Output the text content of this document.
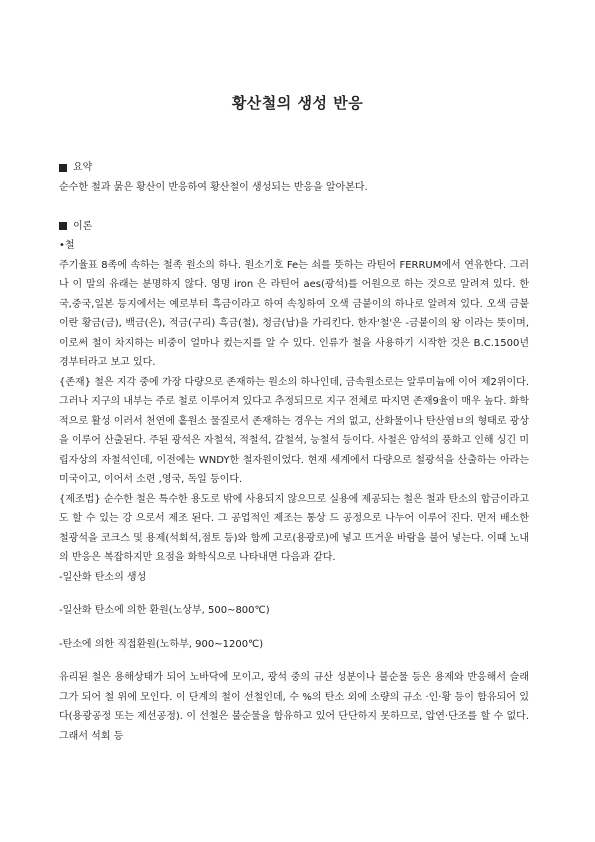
황산철의 생성 반응
요약

순수한 철과 묽은 황산이 반응하여 황산철이 생성되는 반응을 알아본다.

이론

•철

주기율표 8족에 속하는 철족 원소의 하나. 원소기호 Fe는 쇠를 뜻하는 라틴어 FERRUM에서 연유한다. 그러나 이 말의 유래는 분명하지 않다. 영명 iron 은 라틴어 aes(광석)를 어원으로 하는 것으로 알려져 있다. 한국,중국,일본 등지에서는 예로부터 흑금이라고 하여 속칭하여 오색 금붙이의 하나로 알려져 있다. 오색 금붙이란 황금(금), 백금(은), 적금(구리) 흑금(철), 청금(납)을 가리킨다. 한자'철'은 -금붙이의 왕 이라는 뜻이며, 이로써 철이 차지하는 비중이 얼마나 컸는지를 알 수 있다. 인류가 철을 사용하기 시작한 것은 B.C.1500년 경부터라고 보고 있다.

{존재} 철은 지각 중에 가장 다량으로 존재하는 원소의 하나인데, 금속원소로는 알루미늄에 이어 제2위이다. 그러나 지구의 내부는 주로 철로 이루어져 있다고 추정되므로 지구 전체로 따지면 존재9율이 매우 높다. 화학적으로 활성 이러서 천연에 홑원소 물질로서 존재하는 경우는 거의 없고, 산화물이나 탄산염ㅂ의 형태로 광상을 이루어 산출된다. 주된 광석은 자철석, 적철석, 갈철석, 능철석 등이다. 사철은 암석의 풍화고 인해 싱긴 미립자상의 자철석인데, 이전에는 WNDY한 철자원이었다. 현재 세계에서 다량으로 철광석을 산출하는 아라는 미국이고, 이어서 소련 ,영국, 독일 등이다.

{제조법} 순수한 철은 특수한 용도로 밖에 사용되지 않으므로 실용에 제공되는 철은 철과 탄소의 합금이라고도 할 수 있는 강 으로서 제조 된다. 그 공업적인 제조는 통상 드 공정으로 나누어 이루어 진다. 먼저 배소한 철광석을 코크스 및 용제(석회석,점토 등)와 함께 고로(용광로)에 넣고 뜨거운 바람을 불어 넣는다. 이때 노내의 반응은 복잡하지만 요점을 화학식으로 나타내면 다음과 같다.

-일산화 탄소의 생성

-일산화 탄소에 의한 환원(노상부, 500~800℃)

-탄소에 의한 직접환원(노하부, 900~1200℃)

유리된 철은 용해상태가 되어 노바닥에 모이고, 광석 중의 규산 성분이나 불순물 등은 용제와 반응해서 슬래그가 되어 철 위에 모인다. 이 단계의 철이 선철인데, 수 %의 탄소 외에 소량의 규소 ·인·황 등이 함유되어 있다(용광공정 또는 제선공정). 이 선철은 불순물을 함유하고 있어 단단하지 못하므로, 압연·단조를 할 수 없다. 그래서 석회 등
